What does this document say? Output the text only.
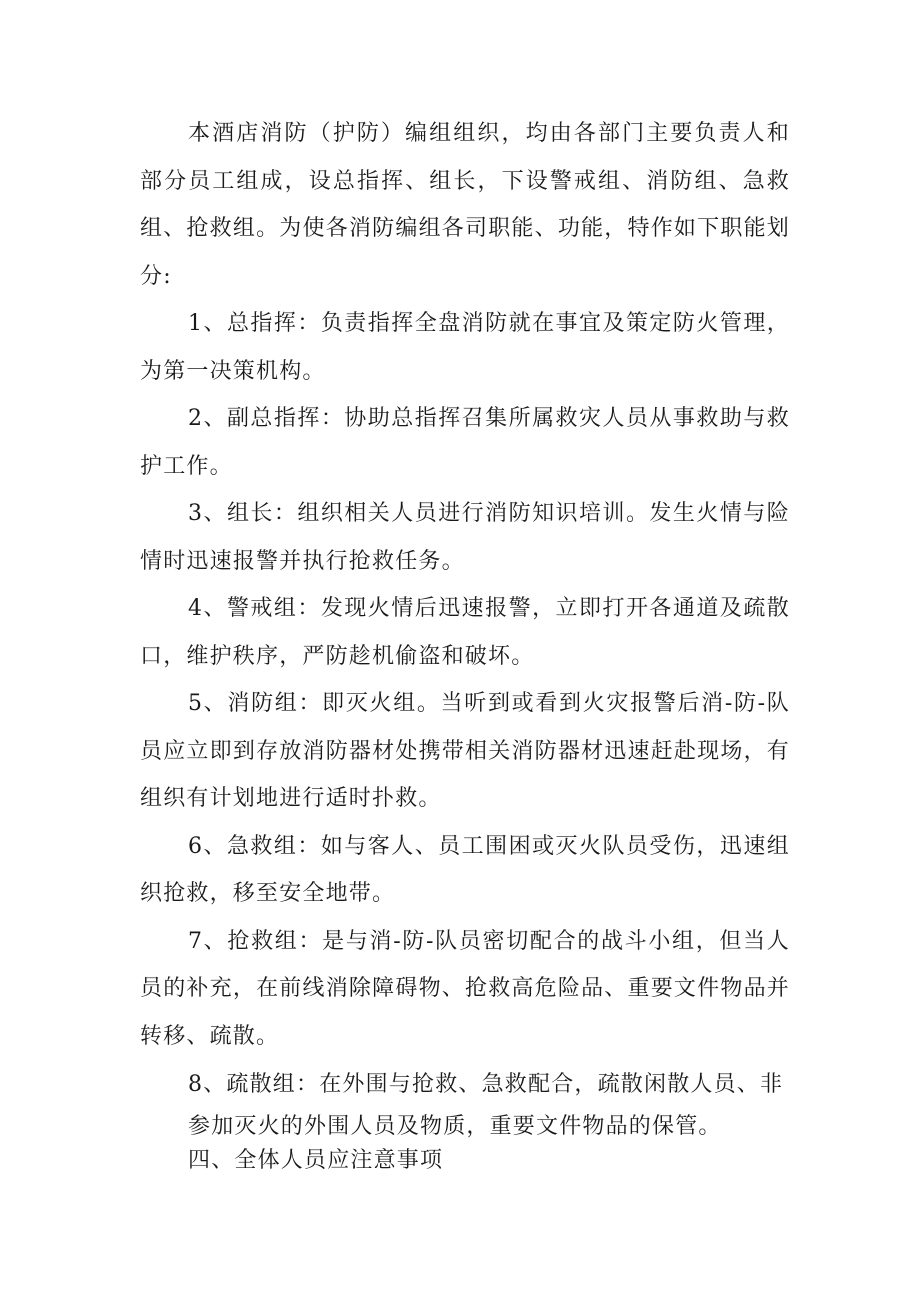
本酒店消防（护防）编组组织，均由各部门主要负责人和部分员工组成，设总指挥、组长，下设警戒组、消防组、急救组、抢救组。为使各消防编组各司职能、功能，特作如下职能划分:

1、总指挥：负责指挥全盘消防就在事宜及策定防火管理，为第一决策机构。

2、副总指挥：协助总指挥召集所属救灾人员从事救助与救护工作。

3、组长：组织相关人员进行消防知识培训。发生火情与险情时迅速报警并执行抢救任务。

4、警戒组：发现火情后迅速报警，立即打开各通道及疏散口，维护秩序，严防趁机偷盗和破坏。

5、消防组：即灭火组。当听到或看到火灾报警后消-防-队员应立即到存放消防器材处携带相关消防器材迅速赶赴现场，有组织有计划地进行适时扑救。

6、急救组：如与客人、员工围困或灭火队员受伤，迅速组织抢救，移至安全地带。

7、抢救组：是与消-防-队员密切配合的战斗小组，但当人员的补充，在前线消除障碍物、抢救高危险品、重要文件物品并转移、疏散。

8、疏散组：在外围与抢救、急救配合，疏散闲散人员、非

参加灭火的外围人员及物质，重要文件物品的保管。

四、全体人员应注意事项
